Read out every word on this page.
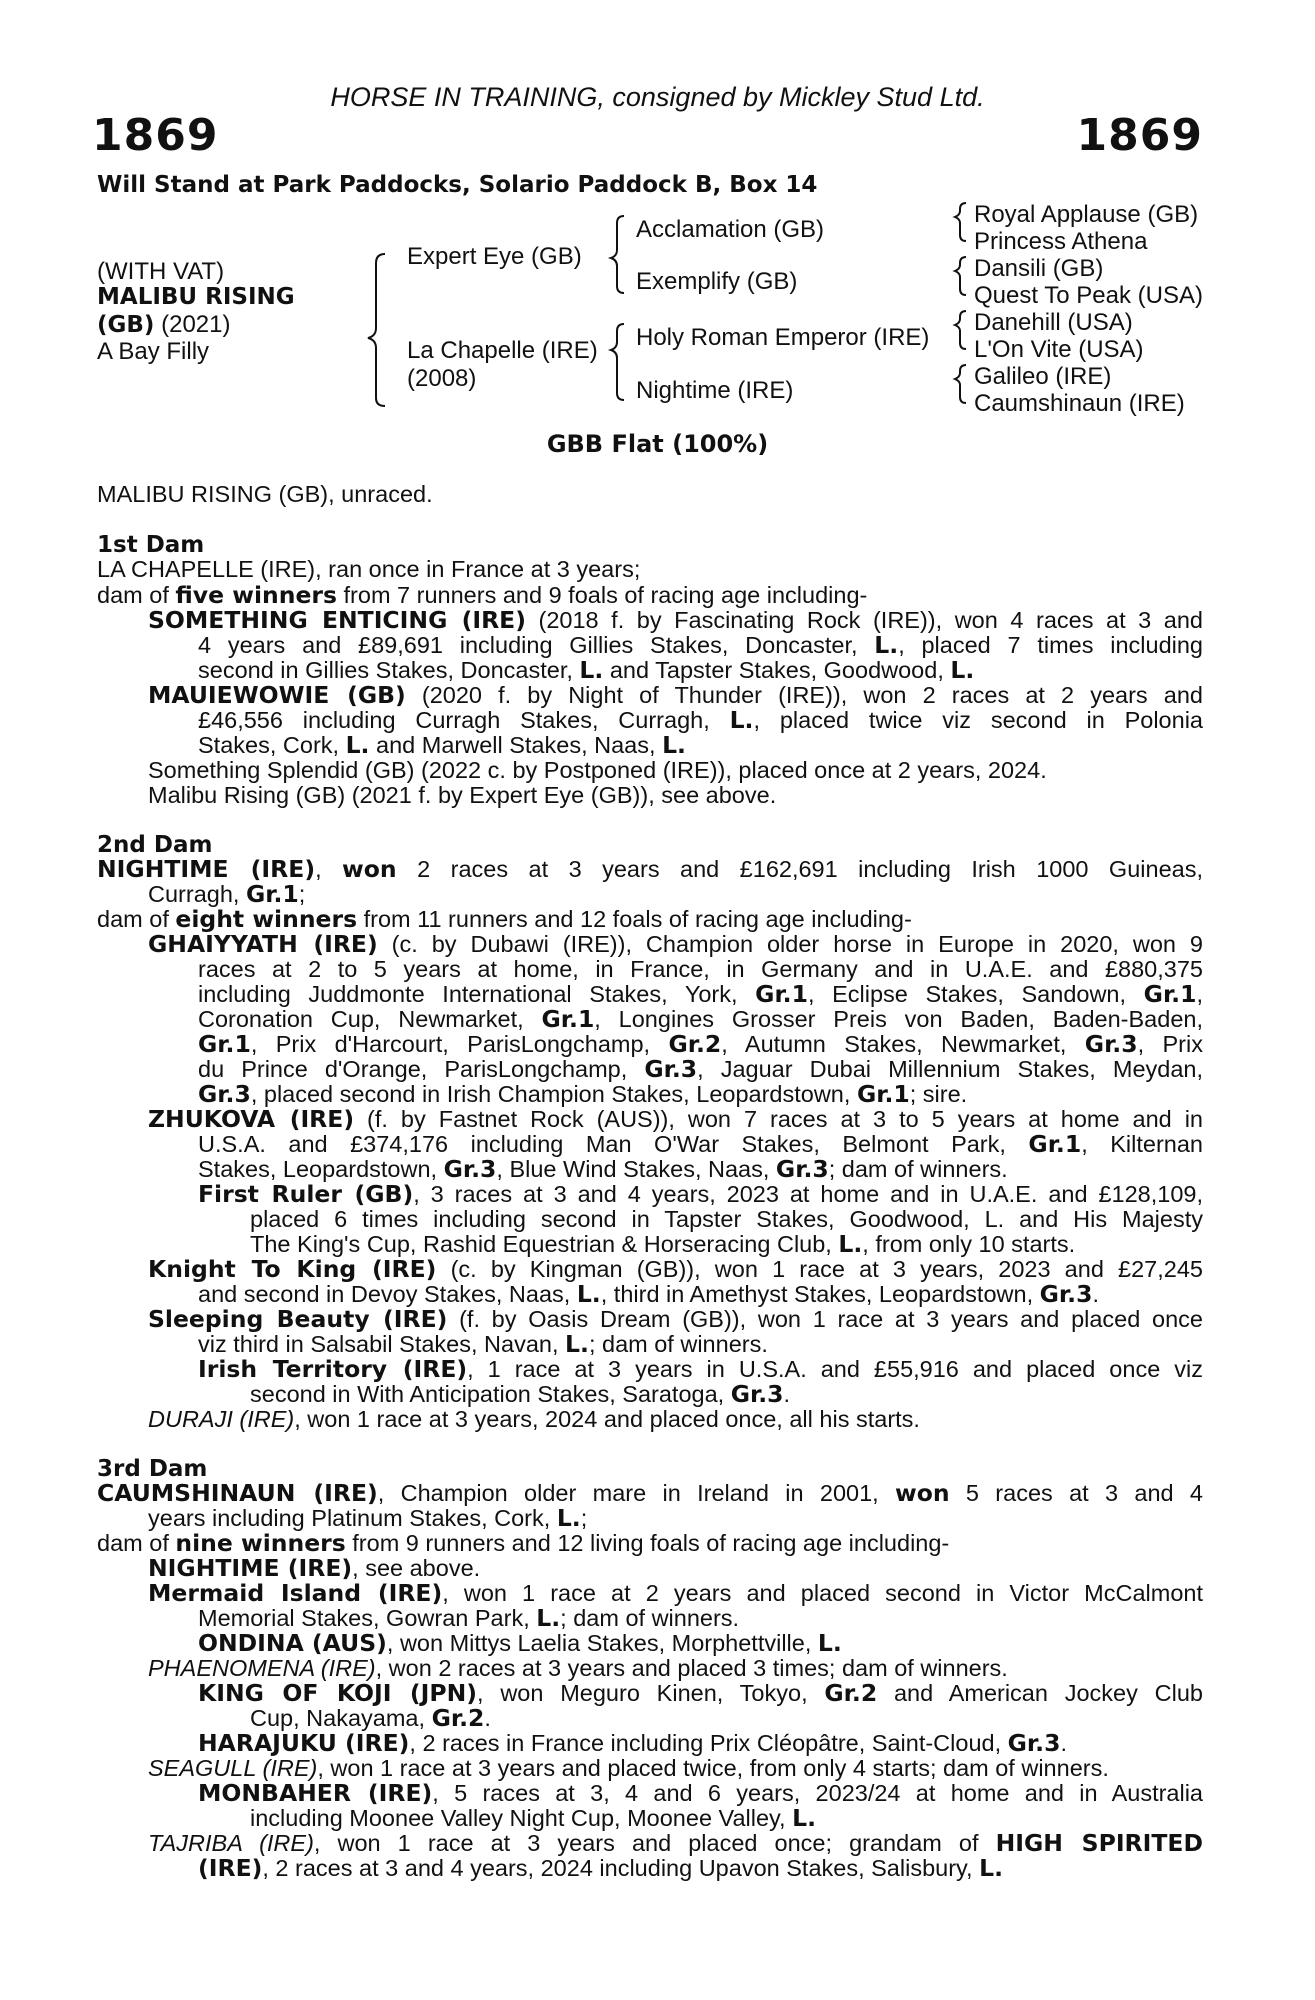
HORSE IN TRAINING, consigned by Mickley Stud Ltd.
1869	1869
Will Stand at Park Paddocks, Solario Paddock B, Box 14
(WITH VAT)
MALIBU RISING
(GB) (2021)
A Bay Filly
Expert Eye (GB)
La Chapelle (IRE)
(2008)
Acclamation (GB)
Exemplify (GB)
Holy Roman Emperor (IRE)
Nightime (IRE)
Royal Applause (GB)
Princess Athena
Dansili (GB)
Quest To Peak (USA)
Danehill (USA)
L'On Vite (USA)
Galileo (IRE)
Caumshinaun (IRE)
GBB Flat (100%)
MALIBU RISING (GB), unraced.
1st Dam
LA CHAPELLE (IRE), ran once in France at 3 years;
dam of five winners from 7 runners and 9 foals of racing age including-
SOMETHING ENTICING (IRE) (2018 f. by Fascinating Rock (IRE)), won 4 races at 3 and
4 years and £89,691 including Gillies Stakes, Doncaster, L., placed 7 times including
second in Gillies Stakes, Doncaster, L. and Tapster Stakes, Goodwood, L.
MAUIEWOWIE (GB) (2020 f. by Night of Thunder (IRE)), won 2 races at 2 years and
£46,556 including Curragh Stakes, Curragh, L., placed twice viz second in Polonia
Stakes, Cork, L. and Marwell Stakes, Naas, L.
Something Splendid (GB) (2022 c. by Postponed (IRE)), placed once at 2 years, 2024.
Malibu Rising (GB) (2021 f. by Expert Eye (GB)), see above.
2nd Dam
NIGHTIME (IRE), won 2 races at 3 years and £162,691 including Irish 1000 Guineas,
Curragh, Gr.1;
dam of eight winners from 11 runners and 12 foals of racing age including-
GHAIYYATH (IRE) (c. by Dubawi (IRE)), Champion older horse in Europe in 2020, won 9
races at 2 to 5 years at home, in France, in Germany and in U.A.E. and £880,375
including Juddmonte International Stakes, York, Gr.1, Eclipse Stakes, Sandown, Gr.1,
Coronation Cup, Newmarket, Gr.1, Longines Grosser Preis von Baden, Baden-Baden,
Gr.1, Prix d'Harcourt, ParisLongchamp, Gr.2, Autumn Stakes, Newmarket, Gr.3, Prix
du Prince d'Orange, ParisLongchamp, Gr.3, Jaguar Dubai Millennium Stakes, Meydan,
Gr.3, placed second in Irish Champion Stakes, Leopardstown, Gr.1; sire.
ZHUKOVA (IRE) (f. by Fastnet Rock (AUS)), won 7 races at 3 to 5 years at home and in
U.S.A. and £374,176 including Man O'War Stakes, Belmont Park, Gr.1, Kilternan
Stakes, Leopardstown, Gr.3, Blue Wind Stakes, Naas, Gr.3; dam of winners.
First Ruler (GB), 3 races at 3 and 4 years, 2023 at home and in U.A.E. and £128,109,
placed 6 times including second in Tapster Stakes, Goodwood, L. and His Majesty
The King's Cup, Rashid Equestrian & Horseracing Club, L., from only 10 starts.
Knight To King (IRE) (c. by Kingman (GB)), won 1 race at 3 years, 2023 and £27,245
and second in Devoy Stakes, Naas, L., third in Amethyst Stakes, Leopardstown, Gr.3.
Sleeping Beauty (IRE) (f. by Oasis Dream (GB)), won 1 race at 3 years and placed once
viz third in Salsabil Stakes, Navan, L.; dam of winners.
Irish Territory (IRE), 1 race at 3 years in U.S.A. and £55,916 and placed once viz
second in With Anticipation Stakes, Saratoga, Gr.3.
DURAJI (IRE), won 1 race at 3 years, 2024 and placed once, all his starts.
3rd Dam
CAUMSHINAUN (IRE), Champion older mare in Ireland in 2001, won 5 races at 3 and 4
years including Platinum Stakes, Cork, L.;
dam of nine winners from 9 runners and 12 living foals of racing age including-
NIGHTIME (IRE), see above.
Mermaid Island (IRE), won 1 race at 2 years and placed second in Victor McCalmont
Memorial Stakes, Gowran Park, L.; dam of winners.
ONDINA (AUS), won Mittys Laelia Stakes, Morphettville, L.
PHAENOMENA (IRE), won 2 races at 3 years and placed 3 times; dam of winners.
KING OF KOJI (JPN), won Meguro Kinen, Tokyo, Gr.2 and American Jockey Club
Cup, Nakayama, Gr.2.
HARAJUKU (IRE), 2 races in France including Prix Cléopâtre, Saint-Cloud, Gr.3.
SEAGULL (IRE), won 1 race at 3 years and placed twice, from only 4 starts; dam of winners.
MONBAHER (IRE), 5 races at 3, 4 and 6 years, 2023/24 at home and in Australia
including Moonee Valley Night Cup, Moonee Valley, L.
TAJRIBA (IRE), won 1 race at 3 years and placed once; grandam of HIGH SPIRITED
(IRE), 2 races at 3 and 4 years, 2024 including Upavon Stakes, Salisbury, L.
